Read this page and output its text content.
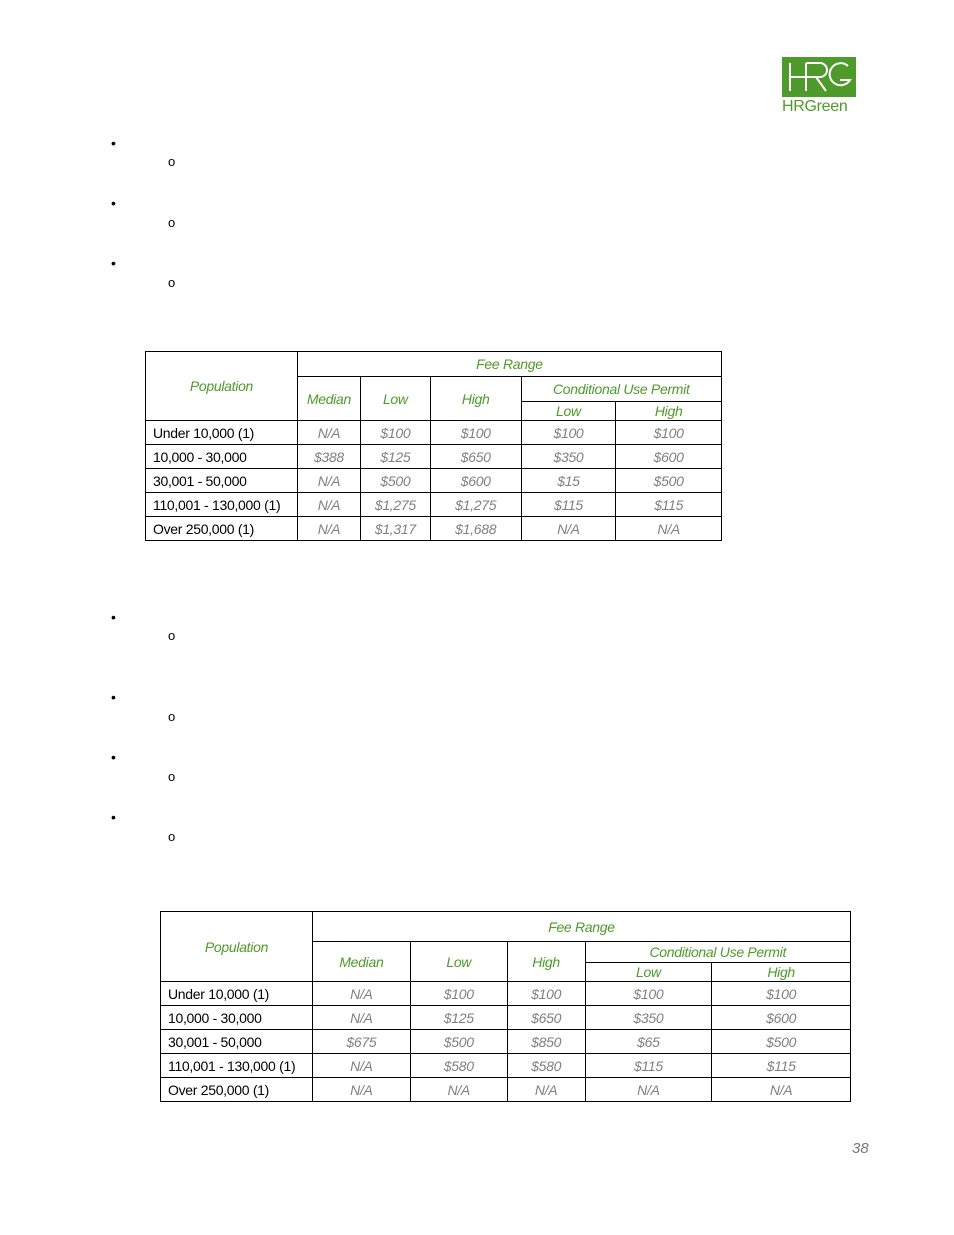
HRGreen
•
o
•
o
•
o
Population	Fee Range				
	Median	Low	High	Conditional Use Permit	
				Low	High
Under 10,000 (1)	N/A	$100	$100	$100	$100
10,000 - 30,000	$388	$125	$650	$350	$600
30,001 - 50,000	N/A	$500	$600	$15	$500
110,001 - 130,000 (1)	N/A	$1,275	$1,275	$115	$115
Over 250,000 (1)	N/A	$1,317	$1,688	N/A	N/A
•
o
•
o
•
o
•
o
Population	Fee Range				
	Median	Low	High	Conditional Use Permit	
				Low	High
Under 10,000 (1)	N/A	$100	$100	$100	$100
10,000 - 30,000	N/A	$125	$650	$350	$600
30,001 - 50,000	$675	$500	$850	$65	$500
110,001 - 130,000 (1)	N/A	$580	$580	$115	$115
Over 250,000 (1)	N/A	N/A	N/A	N/A	N/A
38
